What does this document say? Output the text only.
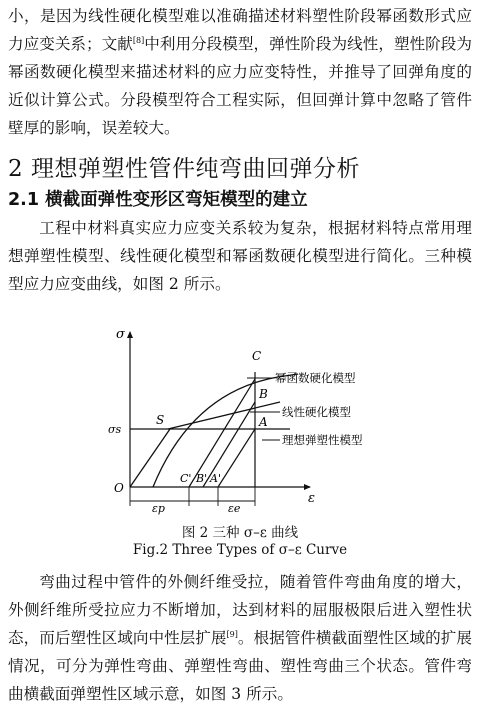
小，是因为线性硬化模型难以准确描述材料塑性阶段幂函数形式应力应变关系；文献[8]中利用分段模型，弹性阶段为线性，塑性阶段为幂函数硬化模型来描述材料的应力应变特性，并推导了回弹角度的近似计算公式。分段模型符合工程实际，但回弹计算中忽略了管件壁厚的影响，误差较大。

2 理想弹塑性管件纯弯曲回弹分析
2.1 横截面弹性变形区弯矩模型的建立

工程中材料真实应力应变关系较为复杂，根据材料特点常用理想弹塑性模型、线性硬化模型和幂函数硬化模型进行简化。三种模型应力应变曲线，如图 2 所示。

σ
ε
O
σs
S
C
B
A
C' B' A'
幂函数硬化模型
线性硬化模型
理想弹塑性模型
εp	εe

图 2 三种 σ–ε 曲线

Fig.2 Three Types of σ–ε Curve

弯曲过程中管件的外侧纤维受拉，随着管件弯曲角度的增大，外侧纤维所受拉应力不断增加，达到材料的屈服极限后进入塑性状态，而后塑性区域向中性层扩展[9]。根据管件横截面塑性区域的扩展情况，可分为弹性弯曲、弹塑性弯曲、塑性弯曲三个状态。管件弯曲横截面弹塑性区域示意，如图 3 所示。
